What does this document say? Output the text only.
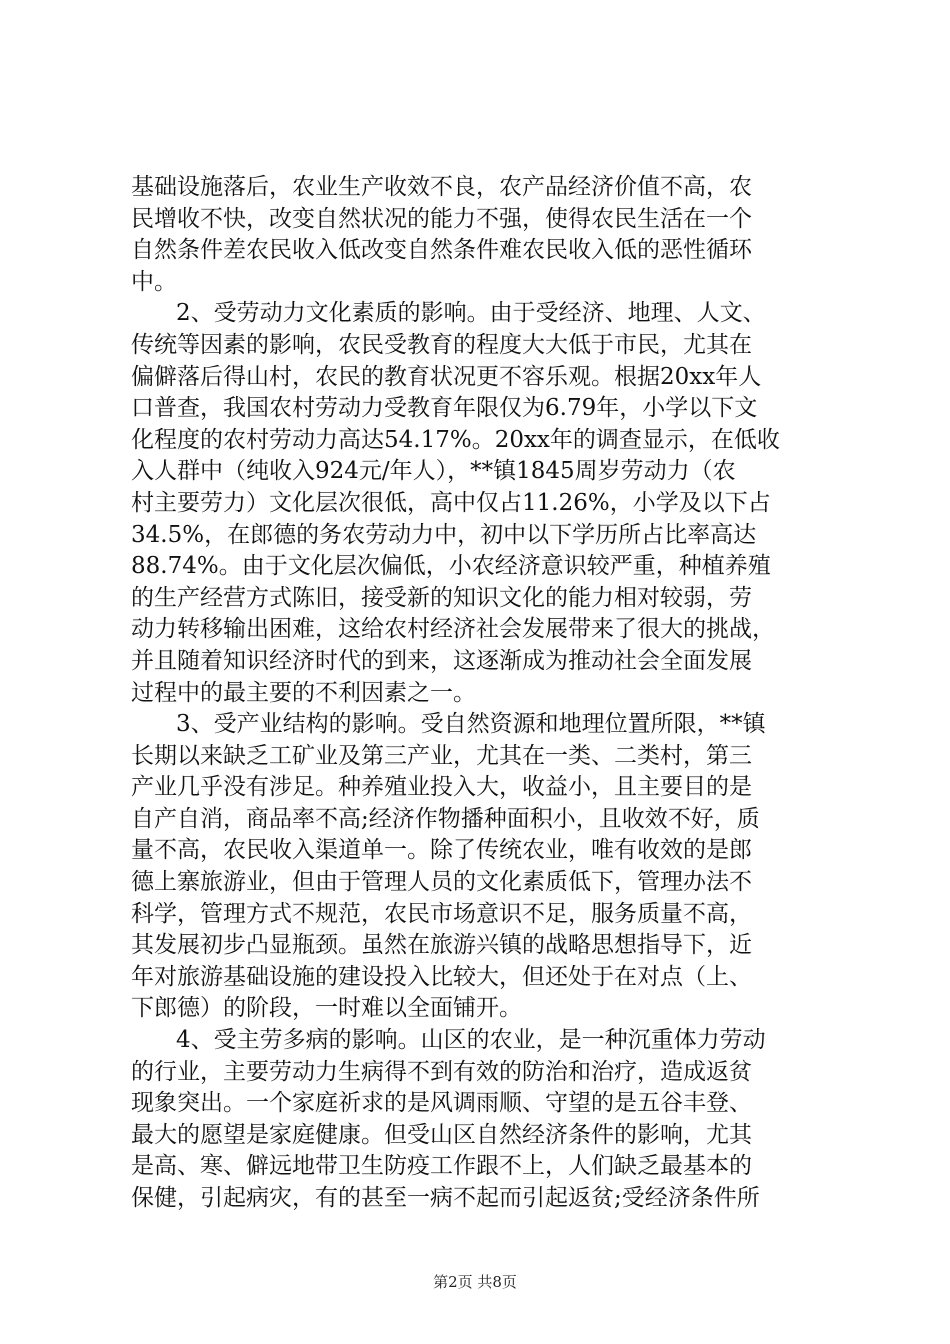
基础设施落后，农业生产收效不良，农产品经济价值不高，农
民增收不快，改变自然状况的能力不强，使得农民生活在一个
自然条件差农民收入低改变自然条件难农民收入低的恶性循环
中。
2、受劳动力文化素质的影响。由于受经济、地理、人文、
传统等因素的影响，农民受教育的程度大大低于市民，尤其在
偏僻落后得山村，农民的教育状况更不容乐观。根据20xx年人
口普查，我国农村劳动力受教育年限仅为6.79年，小学以下文
化程度的农村劳动力高达54.17%。20xx年的调查显示，在低收
入人群中（纯收入924元/年人），**镇1845周岁劳动力（农
村主要劳力）文化层次很低，高中仅占11.26%，小学及以下占
34.5%，在郎德的务农劳动力中，初中以下学历所占比率高达
88.74%。由于文化层次偏低，小农经济意识较严重，种植养殖
的生产经营方式陈旧，接受新的知识文化的能力相对较弱，劳
动力转移输出困难，这给农村经济社会发展带来了很大的挑战，
并且随着知识经济时代的到来，这逐渐成为推动社会全面发展
过程中的最主要的不利因素之一。
3、受产业结构的影响。受自然资源和地理位置所限，**镇
长期以来缺乏工矿业及第三产业，尤其在一类、二类村，第三
产业几乎没有涉足。种养殖业投入大，收益小，且主要目的是
自产自消，商品率不高;经济作物播种面积小，且收效不好，质
量不高，农民收入渠道单一。除了传统农业，唯有收效的是郎
德上寨旅游业，但由于管理人员的文化素质低下，管理办法不
科学，管理方式不规范，农民市场意识不足，服务质量不高，
其发展初步凸显瓶颈。虽然在旅游兴镇的战略思想指导下，近
年对旅游基础设施的建设投入比较大，但还处于在对点（上、
下郎德）的阶段，一时难以全面铺开。
4、受主劳多病的影响。山区的农业，是一种沉重体力劳动
的行业，主要劳动力生病得不到有效的防治和治疗，造成返贫
现象突出。一个家庭祈求的是风调雨顺、守望的是五谷丰登、
最大的愿望是家庭健康。但受山区自然经济条件的影响，尤其
是高、寒、僻远地带卫生防疫工作跟不上，人们缺乏最基本的
保健，引起病灾，有的甚至一病不起而引起返贫;受经济条件所
第2页 共8页
